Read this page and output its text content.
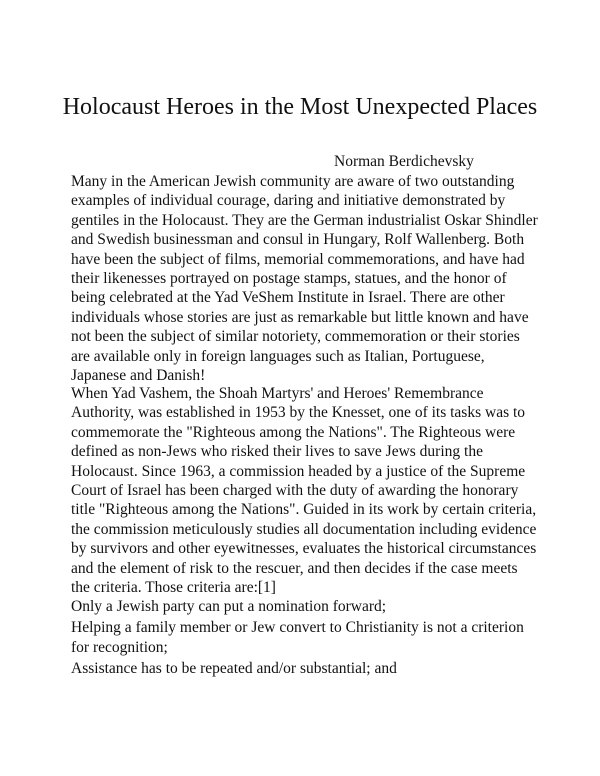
Holocaust Heroes in the Most Unexpected Places

Norman Berdichevsky

Many in the American Jewish community are aware of two outstanding examples of individual courage, daring and initiative demonstrated by gentiles in the Holocaust. They are the German industrialist Oskar Shindler and Swedish businessman and consul in Hungary, Rolf Wallenberg. Both have been the subject of films, memorial commemorations, and have had their likenesses portrayed on postage stamps, statues, and the honor of being celebrated at the Yad VeShem Institute in Israel. There are other individuals whose stories are just as remarkable but little known and have not been the subject of similar notoriety, commemoration or their stories are available only in foreign languages such as Italian, Portuguese, Japanese and Danish!

When Yad Vashem, the Shoah Martyrs' and Heroes' Remembrance Authority, was established in 1953 by the Knesset, one of its tasks was to commemorate the "Righteous among the Nations". The Righteous were defined as non-Jews who risked their lives to save Jews during the Holocaust. Since 1963, a commission headed by a justice of the Supreme Court of Israel has been charged with the duty of awarding the honorary title "Righteous among the Nations". Guided in its work by certain criteria, the commission meticulously studies all documentation including evidence by survivors and other eyewitnesses, evaluates the historical circumstances and the element of risk to the rescuer, and then decides if the case meets the criteria. Those criteria are:[1]

Only a Jewish party can put a nomination forward;
Helping a family member or Jew convert to Christianity is not a criterion for recognition;
Assistance has to be repeated and/or substantial; and
